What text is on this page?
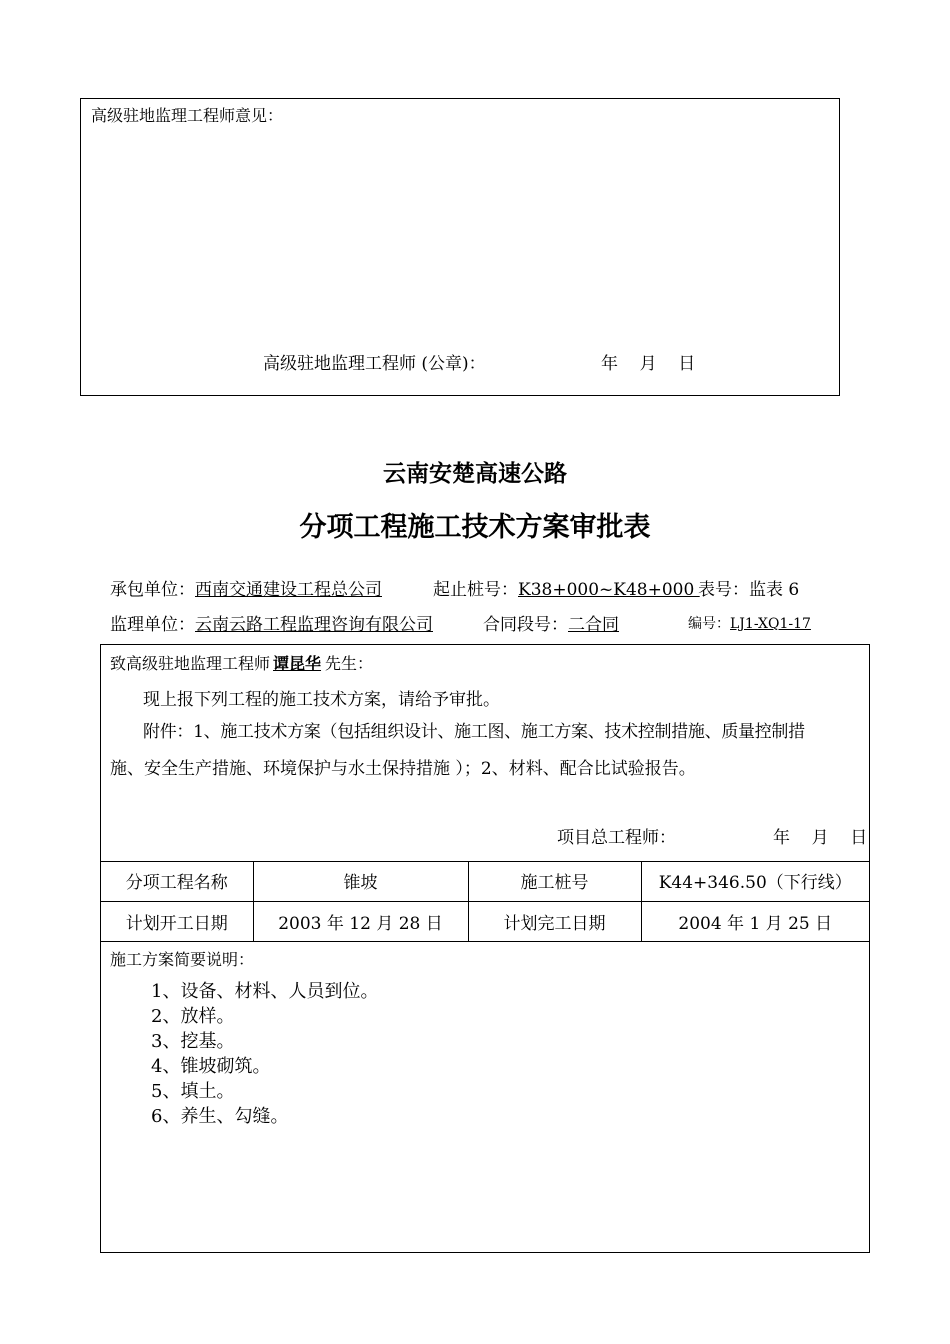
高级驻地监理工程师意见：
高级驻地监理工程师 (公章)：	年    月    日
云南安楚高速公路
分项工程施工技术方案审批表
承包单位：西南交通建设工程总公司	起止桩号：K38+000~K48+000
表号：监表 6
监理单位：云南云路工程监理咨询有限公司	合同段号：二合同	编号：LJ1-XQ1-17
致高级驻地监理工程师 谭昆华 先生：
现上报下列工程的施工技术方案，请给予审批。
附件：1、施工技术方案（包括组织设计、施工图、施工方案、技术控制措施、质量控制措
施、安全生产措施、环境保护与水土保持措施 ）；2、材料、配合比试验报告。
项目总工程师：	年    月    日
分项工程名称	锥坡	施工桩号	K44+346.50（下行线）
计划开工日期	2003 年 12 月 28 日	计划完工日期	2004 年 1 月 25 日
施工方案简要说明：
1、设备、材料、人员到位。
2、放样。
3、挖基。
4、锥坡砌筑。
5、填土。
6、养生、勾缝。
